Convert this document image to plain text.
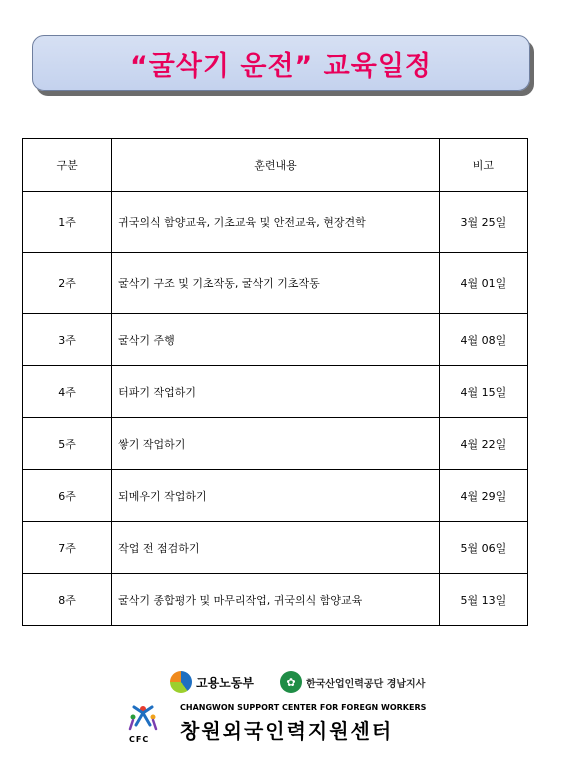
“굴삭기 운전” 교육일정
구분	훈련내용	비고
1주	귀국의식 함양교육, 기초교육 및 안전교육, 현장견학	3월 25일
2주	굴삭기 구조 및 기초작동, 굴삭기 기초작동	4월 01일
3주	굴삭기 주행	4월 08일
4주	터파기 작업하기	4월 15일
5주	쌓기 작업하기	4월 22일
6주	되메우기 작업하기	4월 29일
7주	작업 전 점검하기	5월 06일
8주	굴삭기 종합평가 및 마무리작업, 귀국의식 함양교육	5월 13일
고용노동부	✿	한국산업인력공단 경남지사
CFC
CHANGWON SUPPORT CENTER FOR FOREGN WORKERS
창원외국인력지원센터
